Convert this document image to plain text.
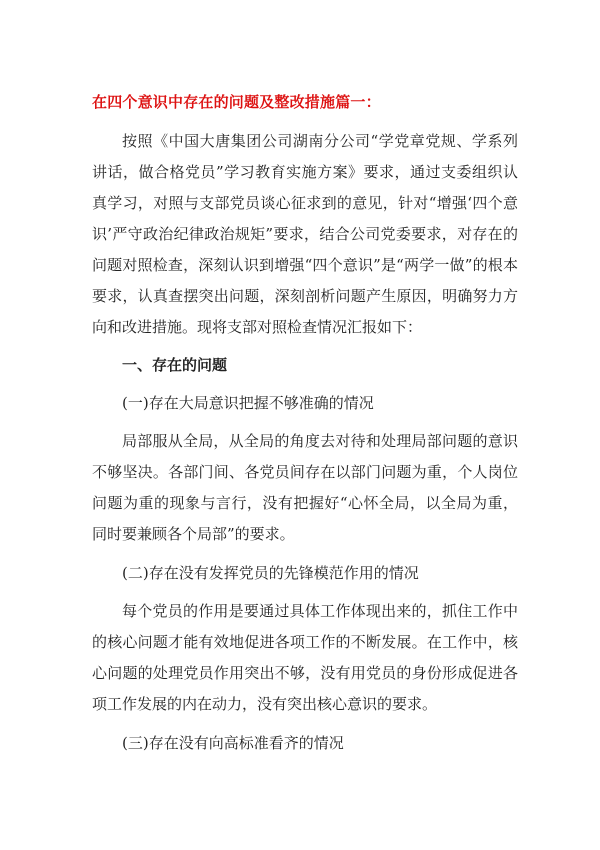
在四个意识中存在的问题及整改措施篇一：

按照《中国大唐集团公司湖南分公司“学党章党规、学系列讲话，做合格党员”学习教育实施方案》要求，通过支委组织认真学习，对照与支部党员谈心征求到的意见，针对“增强‘四个意识’严守政治纪律政治规矩”要求，结合公司党委要求，对存在的问题对照检查，深刻认识到增强“四个意识”是“两学一做”的根本要求，认真查摆突出问题，深刻剖析问题产生原因，明确努力方向和改进措施。现将支部对照检查情况汇报如下：

一、存在的问题

(一)存在大局意识把握不够准确的情况

局部服从全局，从全局的角度去对待和处理局部问题的意识不够坚决。各部门间、各党员间存在以部门问题为重，个人岗位问题为重的现象与言行，没有把握好“心怀全局，以全局为重，同时要兼顾各个局部”的要求。

(二)存在没有发挥党员的先锋模范作用的情况

每个党员的作用是要通过具体工作体现出来的，抓住工作中的核心问题才能有效地促进各项工作的不断发展。在工作中，核心问题的处理党员作用突出不够，没有用党员的身份形成促进各项工作发展的内在动力，没有突出核心意识的要求。

(三)存在没有向高标准看齐的情况
